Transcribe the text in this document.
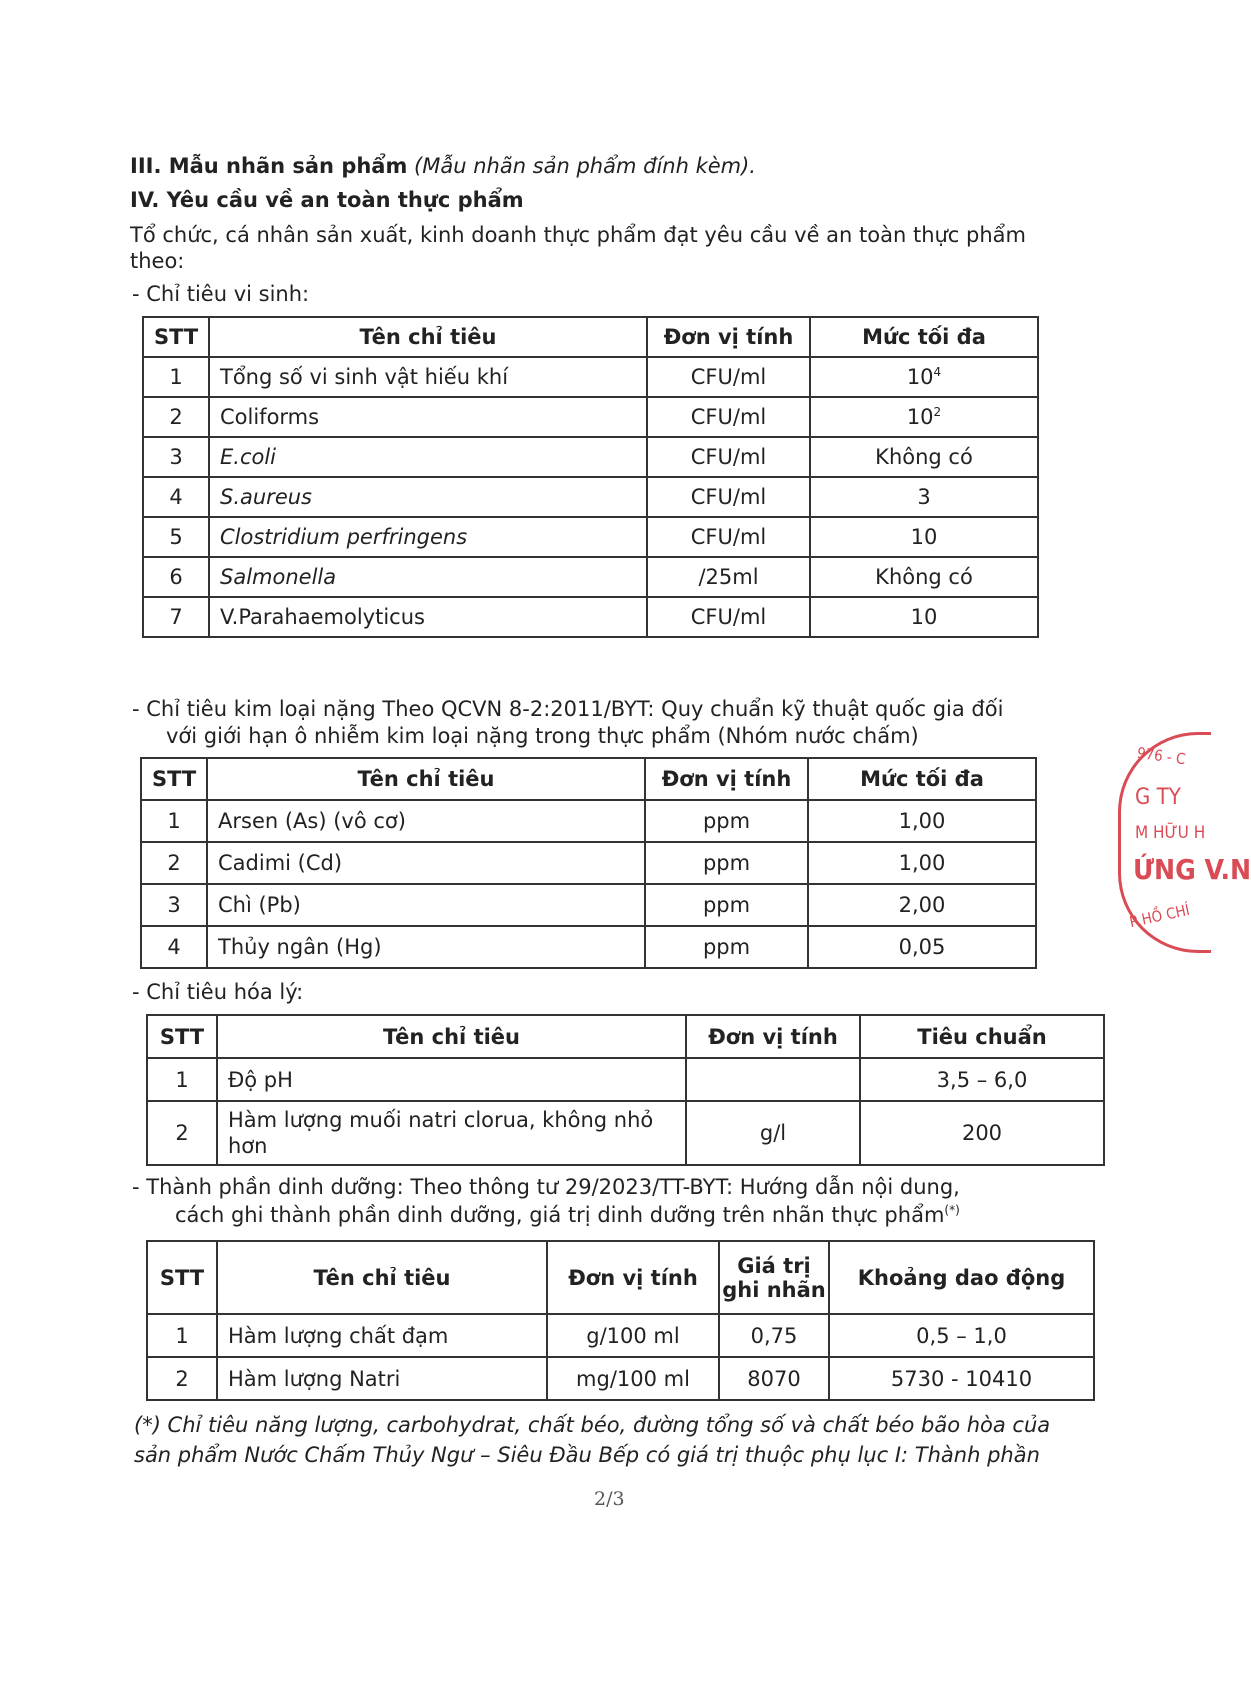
III. Mẫu nhãn sản phẩm (Mẫu nhãn sản phẩm đính kèm).
IV. Yêu cầu về an toàn thực phẩm
Tổ chức, cá nhân sản xuất, kinh doanh thực phẩm đạt yêu cầu về an toàn thực phẩm
theo:
- Chỉ tiêu vi sinh:
STT	Tên chỉ tiêu	Đơn vị tính	Mức tối đa
1	Tổng số vi sinh vật hiếu khí	CFU/ml	$10^4$
2	Coliforms	CFU/ml	$10^2$
3	E.coli	CFU/ml	Không có
4	S.aureus	CFU/ml	3
5	Clostridium perfringens	CFU/ml	10
6	Salmonella	/25ml	Không có
7	V.Parahaemolyticus	CFU/ml	10
- Chỉ tiêu kim loại nặng Theo QCVN 8-2:2011/BYT: Quy chuẩn kỹ thuật quốc gia đối
với giới hạn ô nhiễm kim loại nặng trong thực phẩm (Nhóm nước chấm)
STT	Tên chỉ tiêu	Đơn vị tính	Mức tối đa
1	Arsen (As) (vô cơ)	ppm	1,00
2	Cadimi (Cd)	ppm	1,00
3	Chì (Pb)	ppm	2,00
4	Thủy ngân (Hg)	ppm	0,05
- Chỉ tiêu hóa lý:
STT	Tên chỉ tiêu	Đơn vị tính	Tiêu chuẩn
1	Độ pH		3,5 – 6,0
2	Hàm lượng muối natri clorua, không nhỏ
hơn	g/l	200
- Thành phần dinh dưỡng: Theo thông tư 29/2023/TT-BYT: Hướng dẫn nội dung,
cách ghi thành phần dinh dưỡng, giá trị dinh dưỡng trên nhãn thực phẩm(*)
STT	Tên chỉ tiêu	Đơn vị tính	Giá trị ghi nhãn	Khoảng dao động
1	Hàm lượng chất đạm	g/100 ml	0,75	0,5 – 1,0
2	Hàm lượng Natri	mg/100 ml	8070	5730 - 10410
(*) Chỉ tiêu năng lượng, carbohydrat, chất béo, đường tổng số và chất béo bão hòa của
sản phẩm Nước Chấm Thủy Ngư – Siêu Đầu Bếp có giá trị thuộc phụ lục I: Thành phần
2/3
976 - C
G TY
M HỮU H
ỨNG V.N
P HỒ CHÍ
